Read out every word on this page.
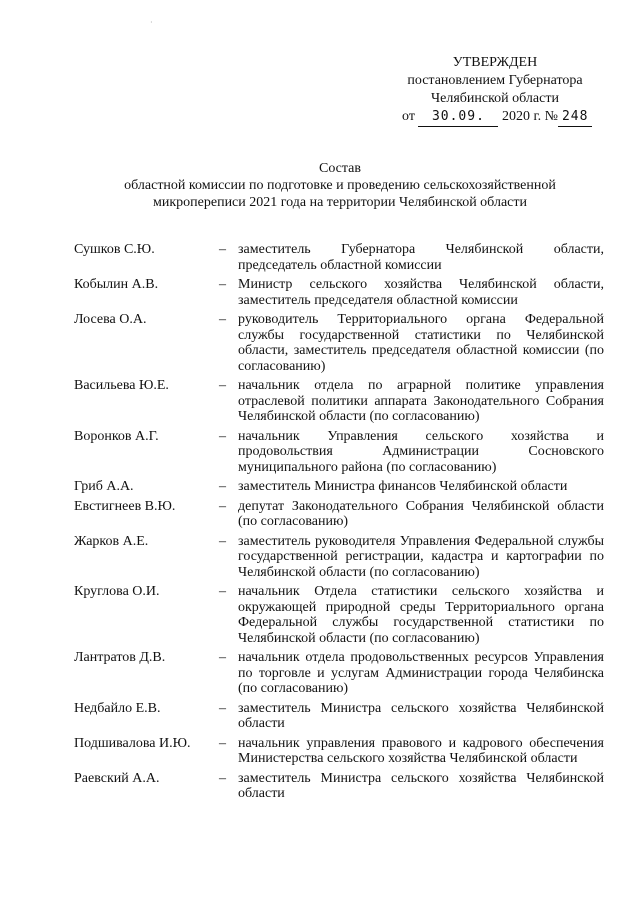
·
УТВЕРЖДЕН
постановлением Губернатора
Челябинской области
от 30.09. 2020 г. № 248
Состав
областной комиссии по подготовке и проведению сельскохозяйственной
микропереписи 2021 года на территории Челябинской области
Сушков С.Ю.	– заместитель Губернатора Челябинской области, председатель областной комиссии
Кобылин А.В.	– Министр сельского хозяйства Челябинской области, заместитель председателя областной комиссии
Лосева О.А.	– руководитель Территориального органа Федеральной службы государственной статистики по Челябинской области, заместитель председателя областной комиссии (по согласованию)
Васильева Ю.Е.	– начальник отдела по аграрной политике управления отраслевой политики аппарата Законодательного Собрания Челябинской области (по согласованию)
Воронков А.Г.	– начальник Управления сельского хозяйства и продовольствия Администрации Сосновского муниципального района (по согласованию)
Гриб А.А.	– заместитель Министра финансов Челябинской области
Евстигнеев В.Ю.	– депутат Законодательного Собрания Челябинской области (по согласованию)
Жарков А.Е.	– заместитель руководителя Управления Федеральной службы государственной регистрации, кадастра и картографии по Челябинской области (по согласованию)
Круглова О.И.	– начальник Отдела статистики сельского хозяйства и окружающей природной среды Территориального органа Федеральной службы государственной статистики по Челябинской области (по согласованию)
Лантратов Д.В.	– начальник отдела продовольственных ресурсов Управления по торговле и услугам Администрации города Челябинска (по согласованию)
Недбайло Е.В.	– заместитель Министра сельского хозяйства Челябинской области
Подшивалова И.Ю.	– начальник управления правового и кадрового обеспечения Министерства сельского хозяйства Челябинской области
Раевский А.А.	– заместитель Министра сельского хозяйства Челябинской области
